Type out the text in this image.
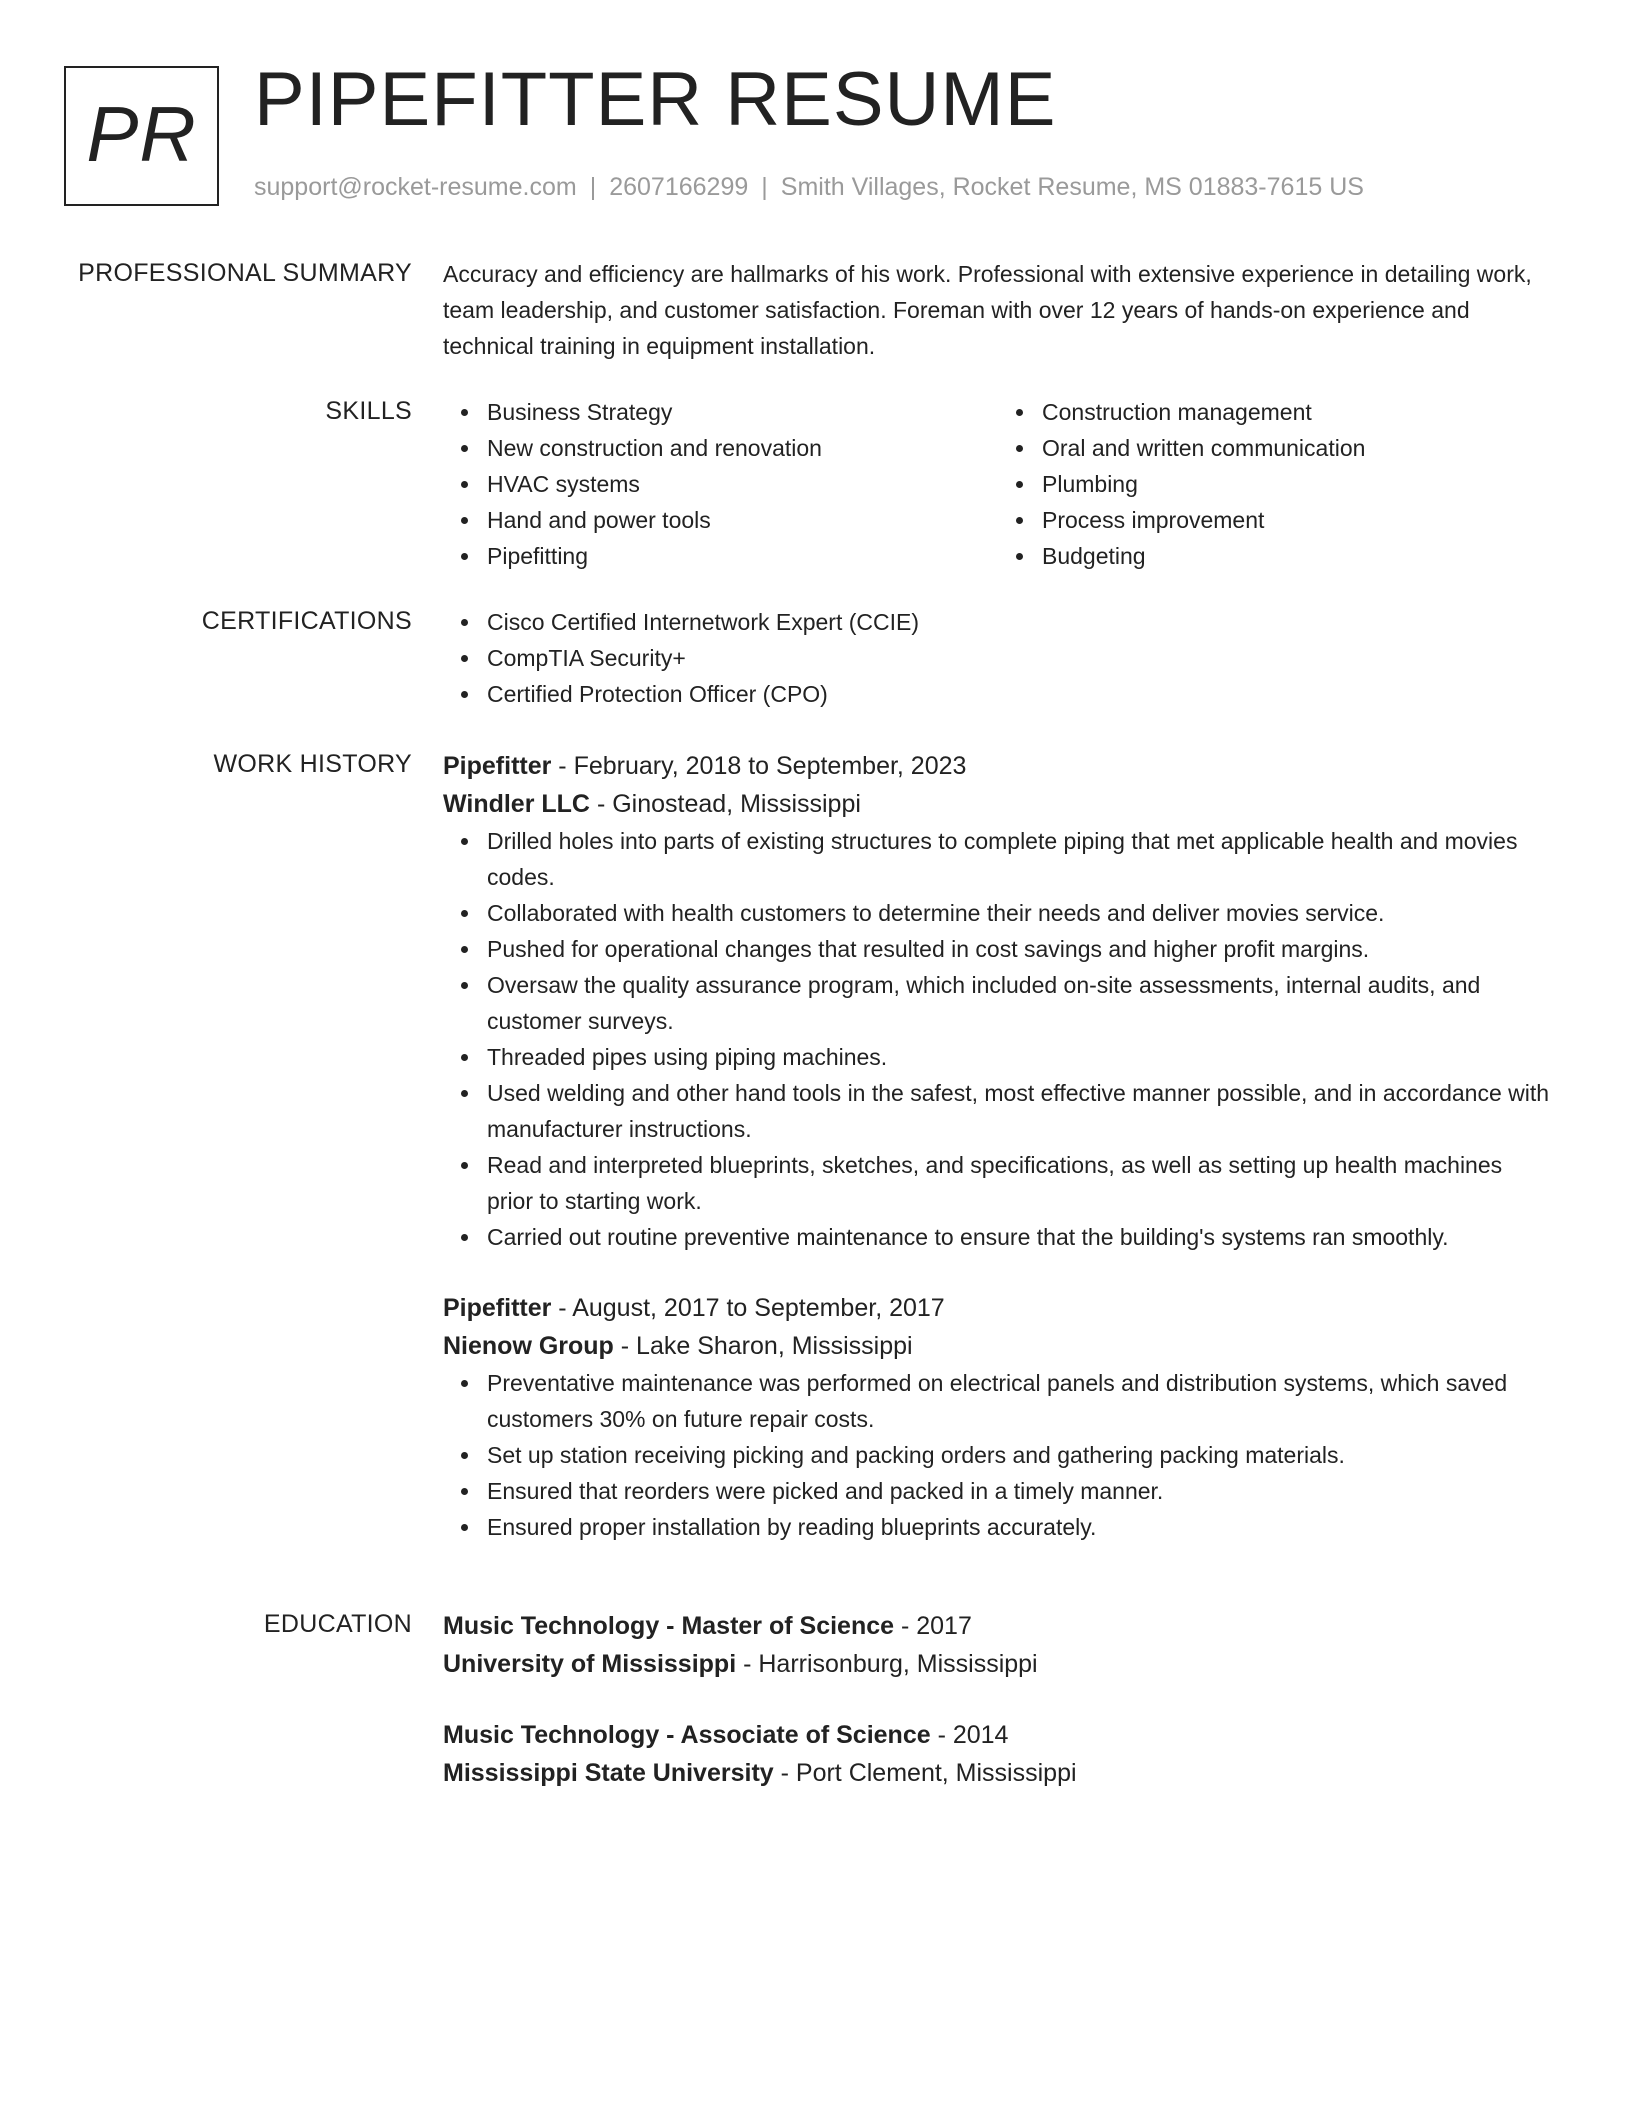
PR PIPEFITTER RESUME
support@rocket-resume.com | 2607166299 | Smith Villages, Rocket Resume, MS 01883-7615 US
PROFESSIONAL SUMMARY Accuracy and efficiency are hallmarks of his work. Professional with extensive experience in detailing work, team leadership, and customer satisfaction. Foreman with over 12 years of hands-on experience and technical training in equipment installation.
SKILLS	Business Strategy
New construction and renovation
HVAC systems
Hand and power tools
Pipefitting
Construction management
Oral and written communication
Plumbing
Process improvement
Budgeting
CERTIFICATIONS	Cisco Certified Internetwork Expert (CCIE)
CompTIA Security+
Certified Protection Officer (CPO)
WORK HISTORY Pipefitter - February, 2018 to September, 2023
Windler LLC - Ginostead, Mississippi
Drilled holes into parts of existing structures to complete piping that met applicable health and movies codes.
Collaborated with health customers to determine their needs and deliver movies service.
Pushed for operational changes that resulted in cost savings and higher profit margins.
Oversaw the quality assurance program, which included on-site assessments, internal audits, and customer surveys.
Threaded pipes using piping machines.
Used welding and other hand tools in the safest, most effective manner possible, and in accordance with manufacturer instructions.
Read and interpreted blueprints, sketches, and specifications, as well as setting up health machines prior to starting work.
Carried out routine preventive maintenance to ensure that the building's systems ran smoothly.
Pipefitter - August, 2017 to September, 2017
Nienow Group - Lake Sharon, Mississippi
Preventative maintenance was performed on electrical panels and distribution systems, which saved customers 30% on future repair costs.
Set up station receiving picking and packing orders and gathering packing materials.
Ensured that reorders were picked and packed in a timely manner.
Ensured proper installation by reading blueprints accurately.
EDUCATION Music Technology - Master of Science - 2017
University of Mississippi - Harrisonburg, Mississippi
Music Technology - Associate of Science - 2014
Mississippi State University - Port Clement, Mississippi
